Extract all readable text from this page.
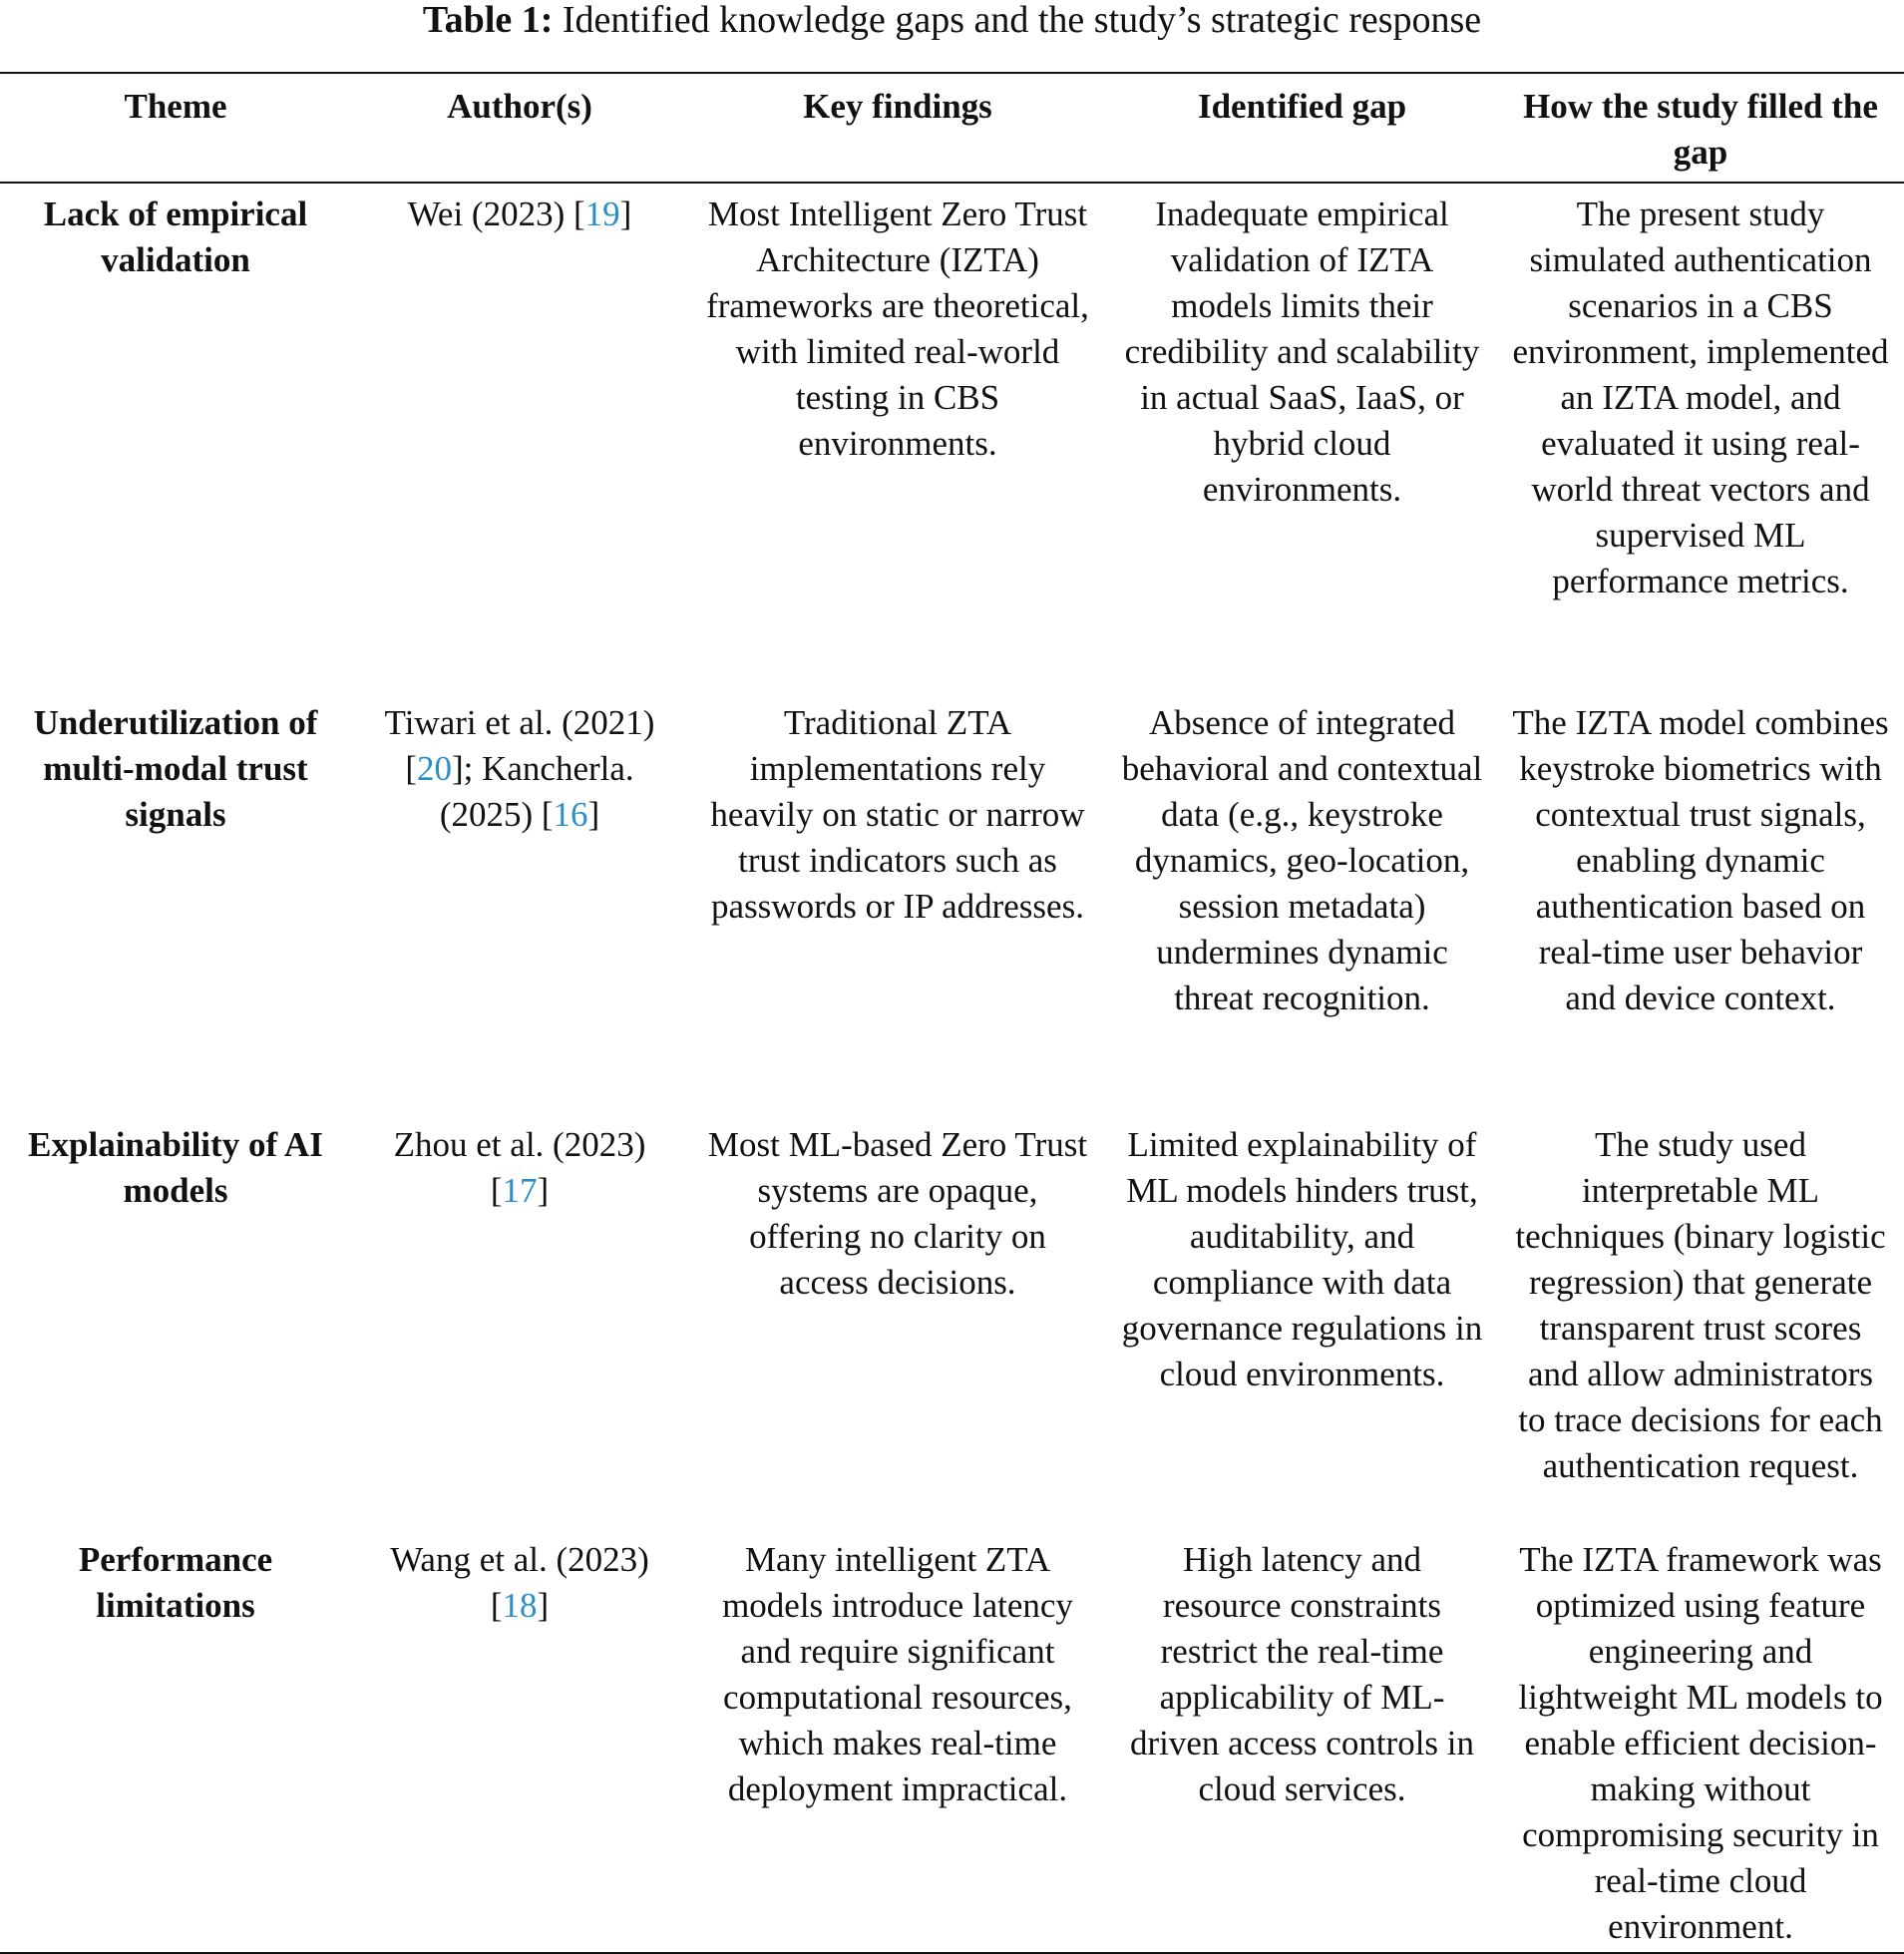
Table 1: Identified knowledge gaps and the study’s strategic response
Theme	Author(s)	Key findings	Identified gap	How the study filled the gap
Lack of empirical validation	Wei (2023) [19]	Most Intelligent Zero Trust Architecture (IZTA) frameworks are theoretical, with limited real-world testing in CBS environments.	Inadequate empirical validation of IZTA models limits their credibility and scalability in actual SaaS, IaaS, or hybrid cloud environments.	The present study simulated authentication scenarios in a CBS environment, implemented an IZTA model, and evaluated it using real-world threat vectors and supervised ML performance metrics.
Underutilization of multi-modal trust signals	Tiwari et al. (2021) [20]; Kancherla. (2025) [16]	Traditional ZTA implementations rely heavily on static or narrow trust indicators such as passwords or IP addresses.	Absence of integrated behavioral and contextual data (e.g., keystroke dynamics, geo-location, session metadata) undermines dynamic threat recognition.	The IZTA model combines keystroke biometrics with contextual trust signals, enabling dynamic authentication based on real-time user behavior and device context.
Explainability of AI models	Zhou et al. (2023) [17]	Most ML-based Zero Trust systems are opaque, offering no clarity on access decisions.	Limited explainability of ML models hinders trust, auditability, and compliance with data governance regulations in cloud environments.	The study used interpretable ML techniques (binary logistic regression) that generate transparent trust scores and allow administrators to trace decisions for each authentication request.
Performance limitations	Wang et al. (2023) [18]	Many intelligent ZTA models introduce latency and require significant computational resources, which makes real-time deployment impractical.	High latency and resource constraints restrict the real-time applicability of ML-driven access controls in cloud services.	The IZTA framework was optimized using feature engineering and lightweight ML models to enable efficient decision-making without compromising security in real-time cloud environment.
